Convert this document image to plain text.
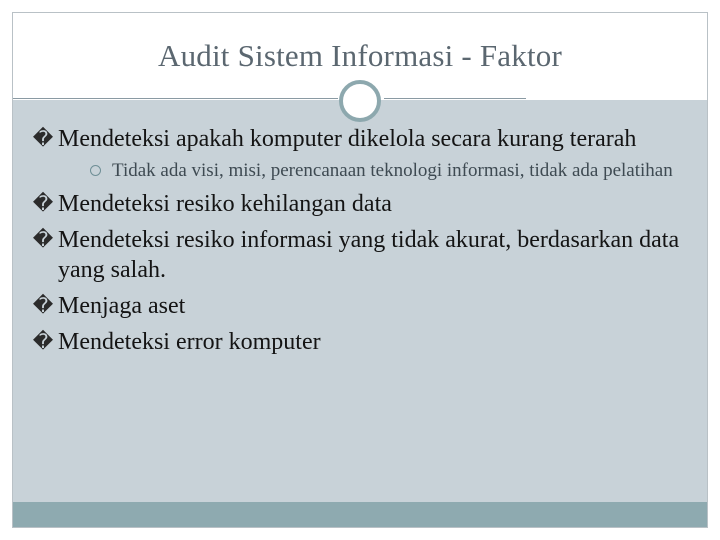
Audit Sistem Informasi - Faktor

� Mendeteksi apakah komputer dikelola secara kurang terarah

Tidak ada visi, misi, perencanaan teknologi informasi, tidak ada pelatihan

� Mendeteksi resiko kehilangan data

� Mendeteksi resiko informasi yang tidak akurat, berdasarkan data yang salah.

� Menjaga aset

� Mendeteksi error komputer
